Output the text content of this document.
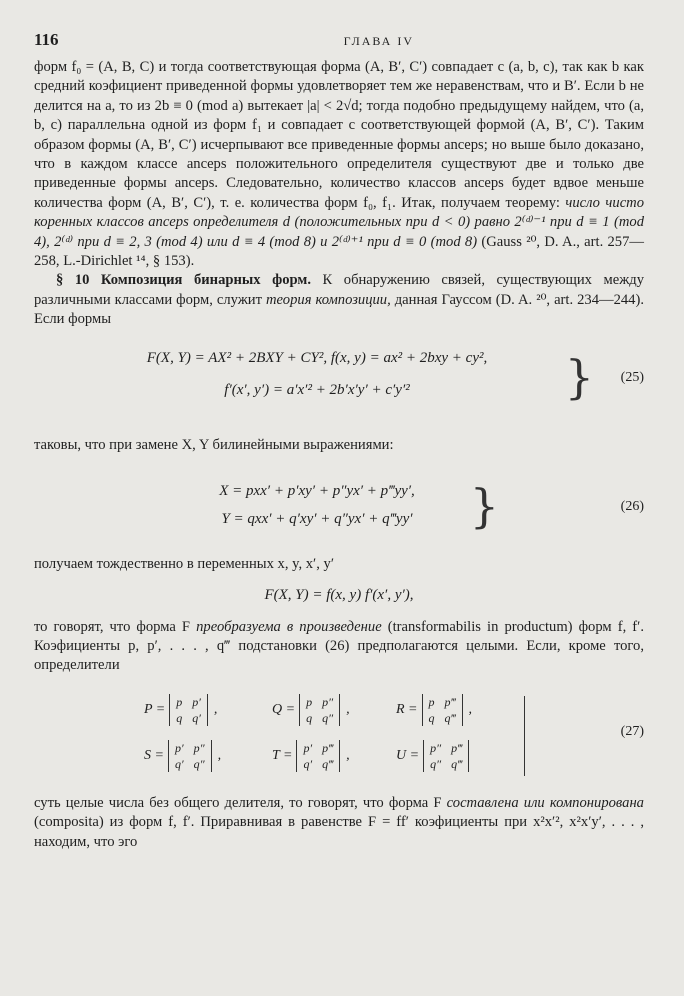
116	ГЛАВА IV

форм f₀ = (A, B, C) и тогда соответствующая форма (A, B′, C′) совпадает с (a, b, c), так как b как средний коэфициент приведенной формы удовлетворяет тем же неравенствам, что и B′. Если b не делится на a, то из 2b ≡ 0 (mod a) вытекает |a| < 2√d; тогда подобно предыдущему найдем, что (a, b, c) параллельна одной из форм f₁ и совпадает с соответствующей формой (A, B′, C′). Таким образом формы (A, B′, C′) исчерпывают все приведенные формы anceps; но выше было доказано, что в каждом классе anceps положительного определителя существуют две и только две приведенные формы anceps. Следовательно, количество классов anceps будет вдвое меньше количества форм (A, B′, C′), т. е. количества форм f₀, f₁. Итак, получаем теорему: число чисто коренных классов anceps определителя d (положительных при d < 0) равно 2⁽ᵈ⁾⁻¹ при d ≡ 1 (mod 4), 2⁽ᵈ⁾ при d ≡ 2, 3 (mod 4) или d ≡ 4 (mod 8) и 2⁽ᵈ⁾⁺¹ при d ≡ 0 (mod 8) (Gauss ²⁰, D. A., art. 257—258, L.-Dirichlet ¹⁴, § 153).

§ 10 Композиция бинарных форм. К обнаружению связей, существующих между различными классами форм, служит теория композиции, данная Гауссом (D. A. ²⁰, art. 234—244). Если формы

F(X, Y) = AX² + 2BXY + CY², f(x, y) = ax² + 2bxy + cy²,
f′(x′, y′) = a′x′² + 2b′x′y′ + c′y′²	} (25)

таковы, что при замене X, Y билинейными выражениями:

X = pxx′ + p′xy′ + p″yx′ + p‴yy′,
Y = qxx′ + q′xy′ + q″yx′ + q‴yy′	}	(26)

получаем тождественно в переменных x, y, x′, y′

F(X, Y) = f(x, y) f′(x′, y′),

то говорят, что форма F преобразуема в произведение (transformabilis in productum) форм f, f′. Коэфициенты p, p′, . . . , q‴ подстановки (26) предполагаются целыми. Если, кроме того, определители

P = p p′
q q′
,	Q = p p″
q q″
,	R = p p‴
q q‴
,
S = p′ p″
q′ q″
,	T = p′ p‴
q′ q‴
,	U = p″ p‴
q″ q‴
(27)

суть целые числа без общего делителя, то говорят, что форма F составлена или компонирована (composita) из форм f, f′. Приравнивая в равенстве F = ff′ коэфициенты при x²x′², x²x′y′, . . . , находим, что эго
